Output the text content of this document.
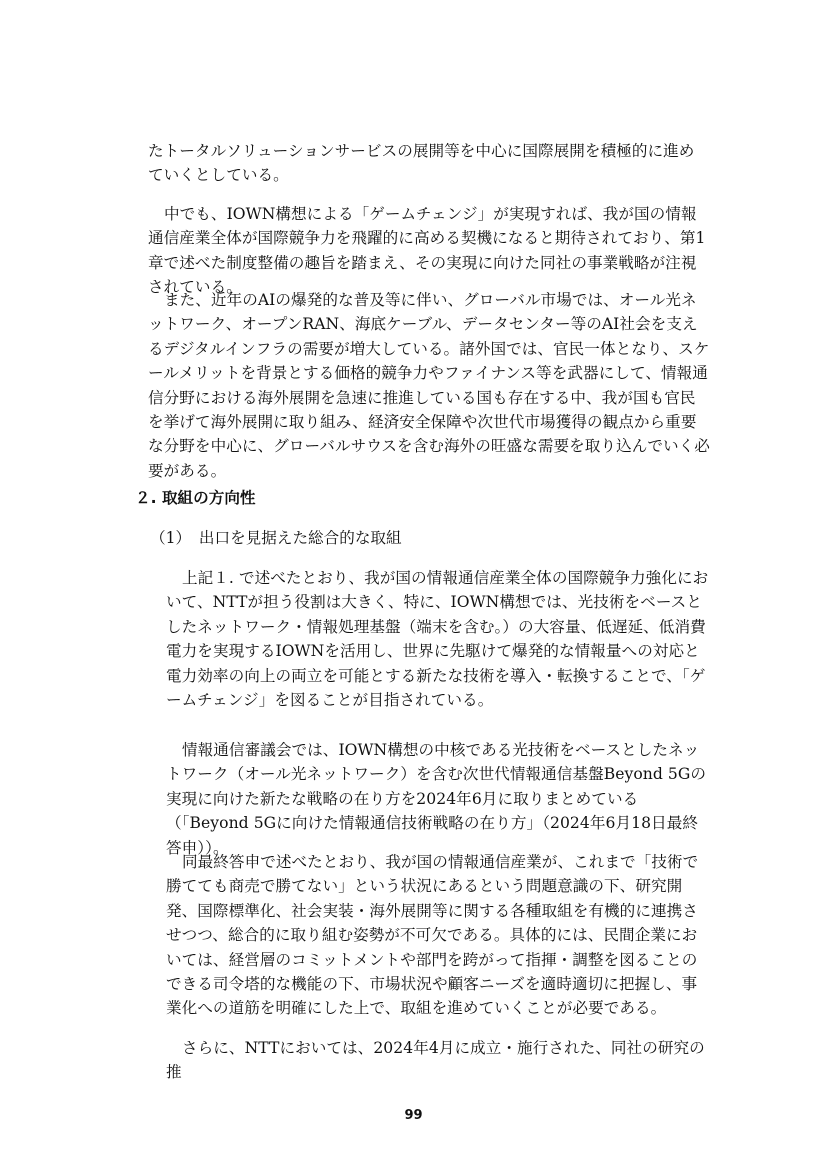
たトータルソリューションサービスの展開等を中心に国際展開を積極的に進めていくとしている。

中でも、IOWN構想による「ゲームチェンジ」が実現すれば、我が国の情報通信産業全体が国際競争力を飛躍的に高める契機になると期待されており、第1章で述べた制度整備の趣旨を踏まえ、その実現に向けた同社の事業戦略が注視されている。

また、近年のAIの爆発的な普及等に伴い、グローバル市場では、オール光ネットワーク、オープンRAN、海底ケーブル、データセンター等のAI社会を支えるデジタルインフラの需要が増大している。諸外国では、官民一体となり、スケールメリットを背景とする価格的競争力やファイナンス等を武器にして、情報通信分野における海外展開を急速に推進している国も存在する中、我が国も官民を挙げて海外展開に取り組み、経済安全保障や次世代市場獲得の観点から重要な分野を中心に、グローバルサウスを含む海外の旺盛な需要を取り込んでいく必要がある。

２. 取組の方向性

（1）　出口を見据えた総合的な取組

上記１. で述べたとおり、我が国の情報通信産業全体の国際競争力強化において、NTTが担う役割は大きく、特に、IOWN構想では、光技術をベースとしたネットワーク・情報処理基盤（端末を含む。）の大容量、低遅延、低消費電力を実現するIOWNを活用し、世界に先駆けて爆発的な情報量への対応と電力効率の向上の両立を可能とする新たな技術を導入・転換することで、「ゲームチェンジ」を図ることが目指されている。

情報通信審議会では、IOWN構想の中核である光技術をベースとしたネットワーク（オール光ネットワーク）を含む次世代情報通信基盤Beyond 5Gの実現に向けた新たな戦略の在り方を2024年6月に取りまとめている（「Beyond 5Gに向けた情報通信技術戦略の在り方」（2024年6月18日最終答申））。

同最終答申で述べたとおり、我が国の情報通信産業が、これまで「技術で勝てても商売で勝てない」という状況にあるという問題意識の下、研究開発、国際標準化、社会実装・海外展開等に関する各種取組を有機的に連携させつつ、総合的に取り組む姿勢が不可欠である。具体的には、民間企業においては、経営層のコミットメントや部門を跨がって指揮・調整を図ることのできる司令塔的な機能の下、市場状況や顧客ニーズを適時適切に把握し、事業化への道筋を明確にした上で、取組を進めていくことが必要である。

さらに、NTTにおいては、2024年4月に成立・施行された、同社の研究の推

99
